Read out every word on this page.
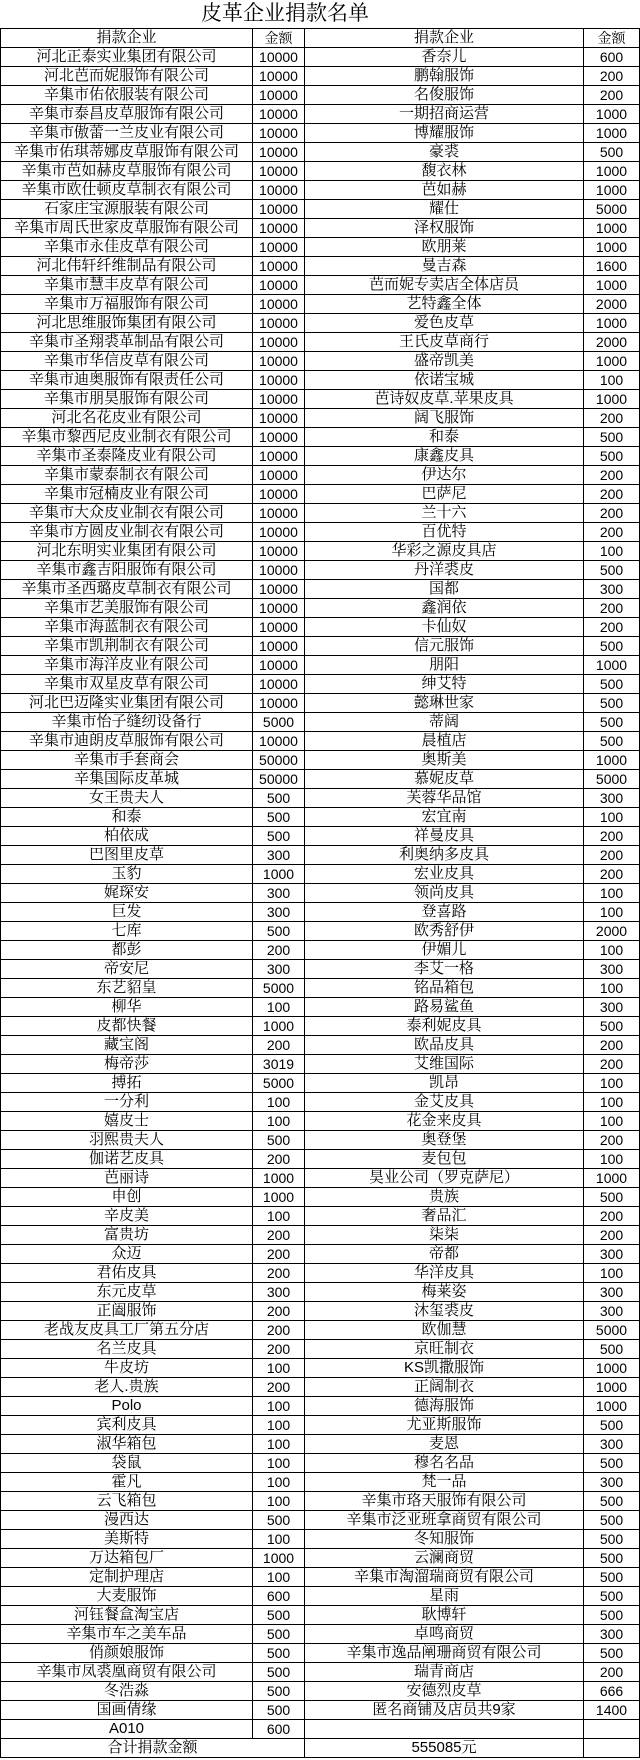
皮革企业捐款名单
捐款企业	金额	捐款企业	金额
河北正泰实业集团有限公司	10000	香奈儿	600
河北芭而妮服饰有限公司	10000	鹏翰服饰	200
辛集市佑依服装有限公司	10000	名俊服饰	200
辛集市泰昌皮草服饰有限公司	10000	一期招商运营	1000
辛集市傲蕾一兰皮业有限公司	10000	博耀服饰	1000
辛集市佑琪蒂娜皮草服饰有限公司	10000	豪裘	500
辛集市芭如赫皮草服饰有限公司	10000	馥衣林	1000
辛集市欧仕顿皮草制衣有限公司	10000	芭如赫	1000
石家庄宝源服装有限公司	10000	耀仕	5000
辛集市周氏世家皮草服饰有限公司	10000	泽权服饰	1000
辛集市永佳皮草有限公司	10000	欧朋莱	1000
河北伟轩纤维制品有限公司	10000	曼吉森	1600
辛集市慧丰皮草有限公司	10000	芭而妮专卖店全体店员	1000
辛集市万福服饰有限公司	10000	艺特鑫全体	2000
河北思维服饰集团有限公司	10000	爱色皮草	1000
辛集市圣翔裘革制品有限公司	10000	王氏皮草商行	2000
辛集市华信皮草有限公司	10000	盛帝凯美	1000
辛集市迪奥服饰有限责任公司	10000	依诺宝城	100
辛集市朋昊服饰有限公司	10000	芭诗奴皮草.苹果皮具	1000
河北名花皮业有限公司	10000	阔飞服饰	200
辛集市黎西尼皮业制衣有限公司	10000	和泰	500
辛集市圣泰隆皮业有限公司	10000	康鑫皮具	500
辛集市蒙泰制衣有限公司	10000	伊达尔	200
辛集市冠楠皮业有限公司	10000	巴萨尼	200
辛集市大众皮业制衣有限公司	10000	兰十六	200
辛集市方圆皮业制衣有限公司	10000	百优特	200
河北东明实业集团有限公司	10000	华彩之源皮具店	100
辛集市鑫吉阳服饰有限公司	10000	丹洋裘皮	500
辛集市圣西璐皮草制衣有限公司	10000	国都	300
辛集市艺美服饰有限公司	10000	鑫润依	200
辛集市海蓝制衣有限公司	10000	卡仙奴	200
辛集市凯荆制衣有限公司	10000	信元服饰	500
辛集市海洋皮业有限公司	10000	朋阳	1000
辛集市双星皮草有限公司	10000	绅艾特	500
河北巴迈隆实业集团有限公司	10000	懿琳世家	500
辛集市怡子缝纫设备行	5000	蒂阔	500
辛集市迪朗皮草服饰有限公司	10000	晨植店	500
辛集市手套商会	50000	奥斯美	1000
辛集国际皮革城	50000	慕妮皮草	5000
女王贵夫人	500	芙蓉华品馆	300
和泰	500	宏宜南	100
柏依成	500	祥曼皮具	200
巴图里皮草	300	利奥纳多皮具	200
玉豹	1000	宏业皮具	200
娓琛安	300	领尚皮具	100
巨发	300	登喜路	100
七库	500	欧秀舒伊	2000
都彭	200	伊媚儿	100
帝安尼	300	李艾一格	300
东艺貂皇	5000	铭品箱包	100
柳华	100	路易鲨鱼	300
皮都快餐	1000	泰利妮皮具	500
藏宝阁	200	欧品皮具	200
梅帝莎	3019	艾维国际	200
搏拓	5000	凯昂	100
一分利	100	金艾皮具	100
嬉皮士	100	花金来皮具	100
羽熙贵夫人	500	奥登堡	200
伽诺艺皮具	200	麦包包	100
芭丽诗	1000	昊业公司（罗克萨尼）	1000
申创	1000	贵族	500
辛皮美	100	奢品汇	200
富贵坊	200	柒柒	200
众迈	200	帝都	300
君佑皮具	200	华洋皮具	100
东元皮草	300	梅莱姿	300
正阖服饰	200	沐玺裘皮	300
老战友皮具工厂第五分店	200	欧伽慧	5000
名兰皮具	200	京旺制衣	500
牛皮坊	100	KS凯撒服饰	1000
老人.贵族	200	正阔制衣	1000
Polo	100	德海服饰	1000
宾利皮具	100	尤亚斯服饰	500
淑华箱包	100	麦恩	300
袋鼠	100	穆名名品	500
霍凡	100	梵一品	300
云飞箱包	100	辛集市珞天服饰有限公司	500
漫西达	500	辛集市泛亚班拿商贸有限公司	500
美斯特	100	冬知服饰	500
万达箱包厂	1000	云澜商贸	500
定制护理店	100	辛集市淘溜瑞商贸有限公司	500
大麦服饰	600	星雨	500
河钰餐盒淘宝店	500	耿博轩	500
辛集市车之美车品	500	卓鸣商贸	300
俏颜娘服饰	500	辛集市逸品阐珊商贸有限公司	500
辛集市凤裘凰商贸有限公司	500	瑞青商店	200
冬浩淼	500	安德烈皮草	666
国画倩缘	500	匿名商铺及店员共9家	1400
A010	600		
合计捐款金额		555085元	
